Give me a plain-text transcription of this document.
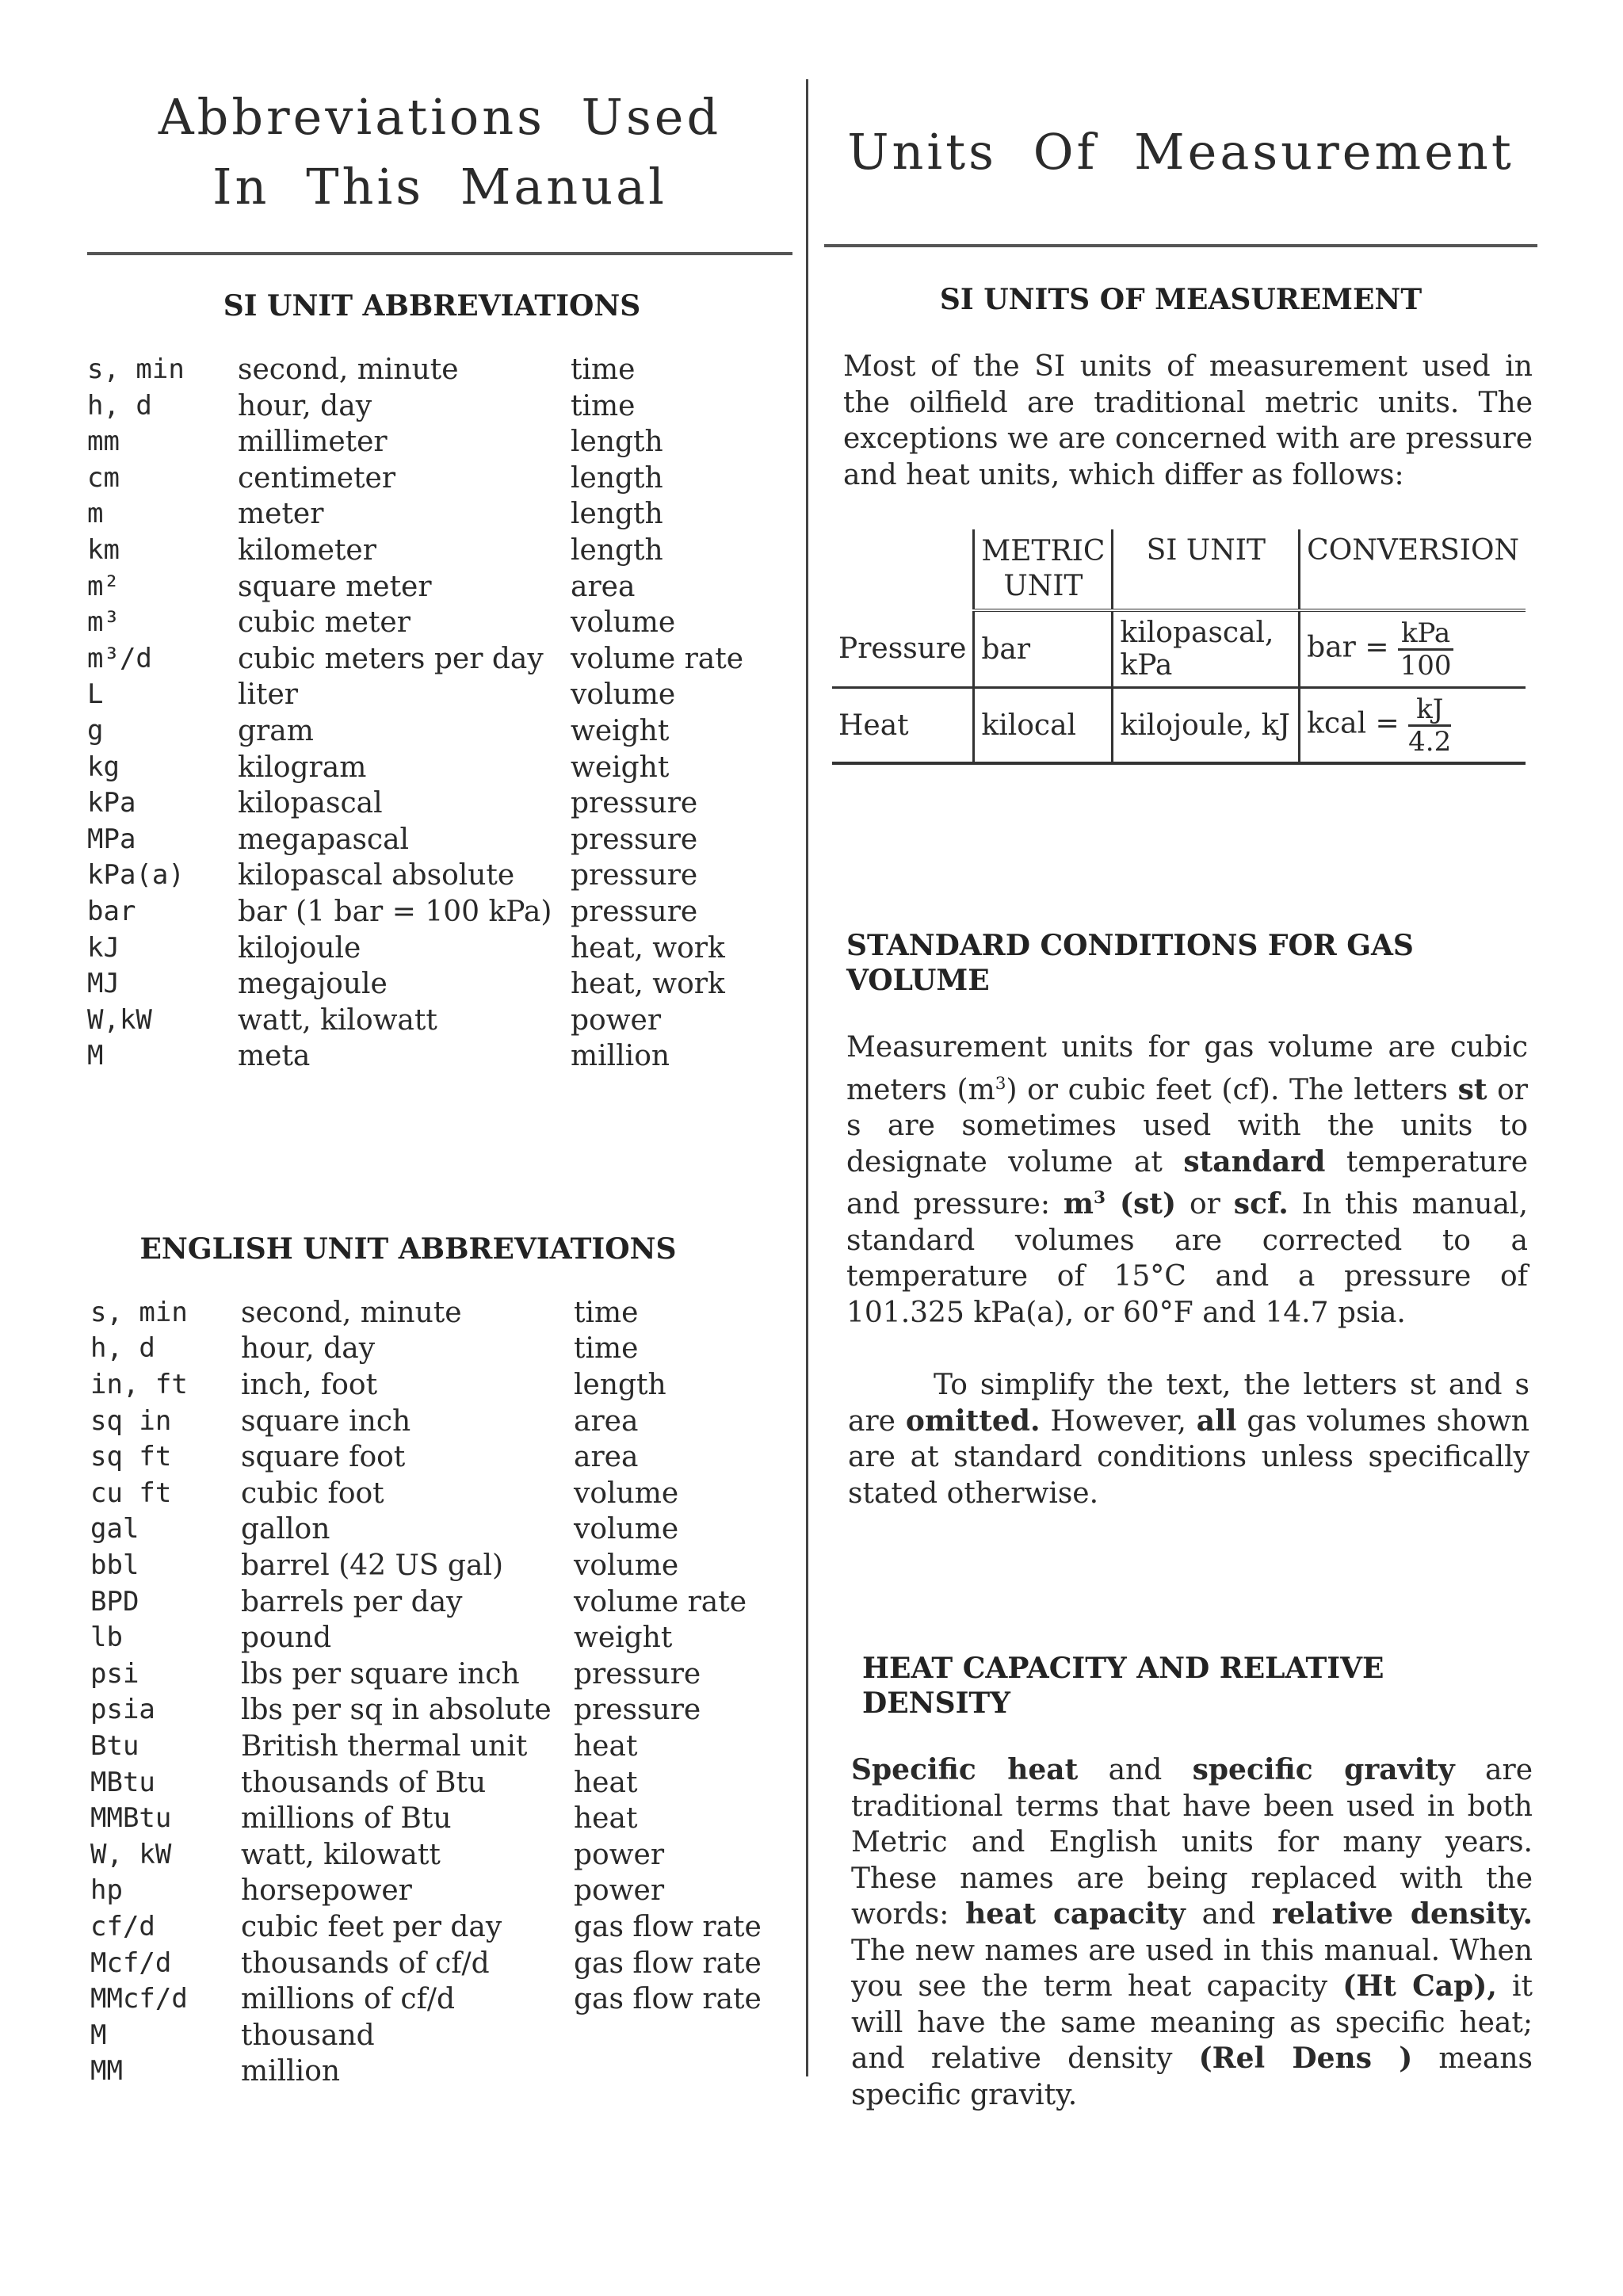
Abbreviations Used
In This Manual
SI UNIT ABBREVIATIONS
s, min	second, minute	time
h, d	hour, day	time
mm	millimeter	length
cm	centimeter	length
m	meter	length
km	kilometer	length
m²	square meter	area
m³	cubic meter	volume
m³/d	cubic meters per day	volume rate
L	liter	volume
g	gram	weight
kg	kilogram	weight
kPa	kilopascal	pressure
MPa	megapascal	pressure
kPa(a)	kilopascal absolute	pressure
bar	bar (1 bar = 100 kPa)	pressure
kJ	kilojoule	heat, work
MJ	megajoule	heat, work
W,kW	watt, kilowatt	power
M	meta	million
ENGLISH UNIT ABBREVIATIONS
s, min	second, minute	time
h, d	hour, day	time
in, ft	inch, foot	length
sq in	square inch	area
sq ft	square foot	area
cu ft	cubic foot	volume
gal	gallon	volume
bbl	barrel (42 US gal)	volume
BPD	barrels per day	volume rate
lb	pound	weight
psi	lbs per square inch	pressure
psia	lbs per sq in absolute	pressure
Btu	British thermal unit	heat
MBtu	thousands of Btu	heat
MMBtu	millions of Btu	heat
W, kW	watt, kilowatt	power
hp	horsepower	power
cf/d	cubic feet per day	gas flow rate
Mcf/d	thousands of cf/d	gas flow rate
MMcf/d	millions of cf/d	gas flow rate
M	thousand	
MM	million	
Units Of Measurement
SI UNITS OF MEASUREMENT

Most of the SI units of measurement used in the oilfield are traditional metric units. The exceptions we are concerned with are pressure and heat units, which differ as follows:

	METRIC UNIT	SI UNIT	CONVERSION
Pressure	bar	kilopascal, kPa	bar = $\frac{\text{kPa}}{100}$

Heat	kilocal	kilojoule, kJ	kcal = $\frac{kJ}{4.2}$
STANDARD CONDITIONS FOR GAS VOLUME

Measurement units for gas volume are cubic meters $(m^3)$ or cubic feet (cf). The letters st or s are sometimes used with the units to designate volume at standard temperature and pressure: $m^3$ (st) or scf. In this manual, standard volumes are corrected to a temperature of 15°C and a pressure of 101.325 kPa(a), or 60°F and 14.7 psia.

To simplify the text, the letters st and s are omitted. However, all gas volumes shown are at standard conditions unless specifically stated otherwise.

HEAT CAPACITY AND RELATIVE DENSITY

Specific heat and specific gravity are traditional terms that have been used in both Metric and English units for many years. These names are being replaced with the words: heat capacity and relative density. The new names are used in this manual. When you see the term heat capacity (Ht Cap), it will have the same meaning as specific heat; and relative density (Rel Dens ) means specific gravity.
